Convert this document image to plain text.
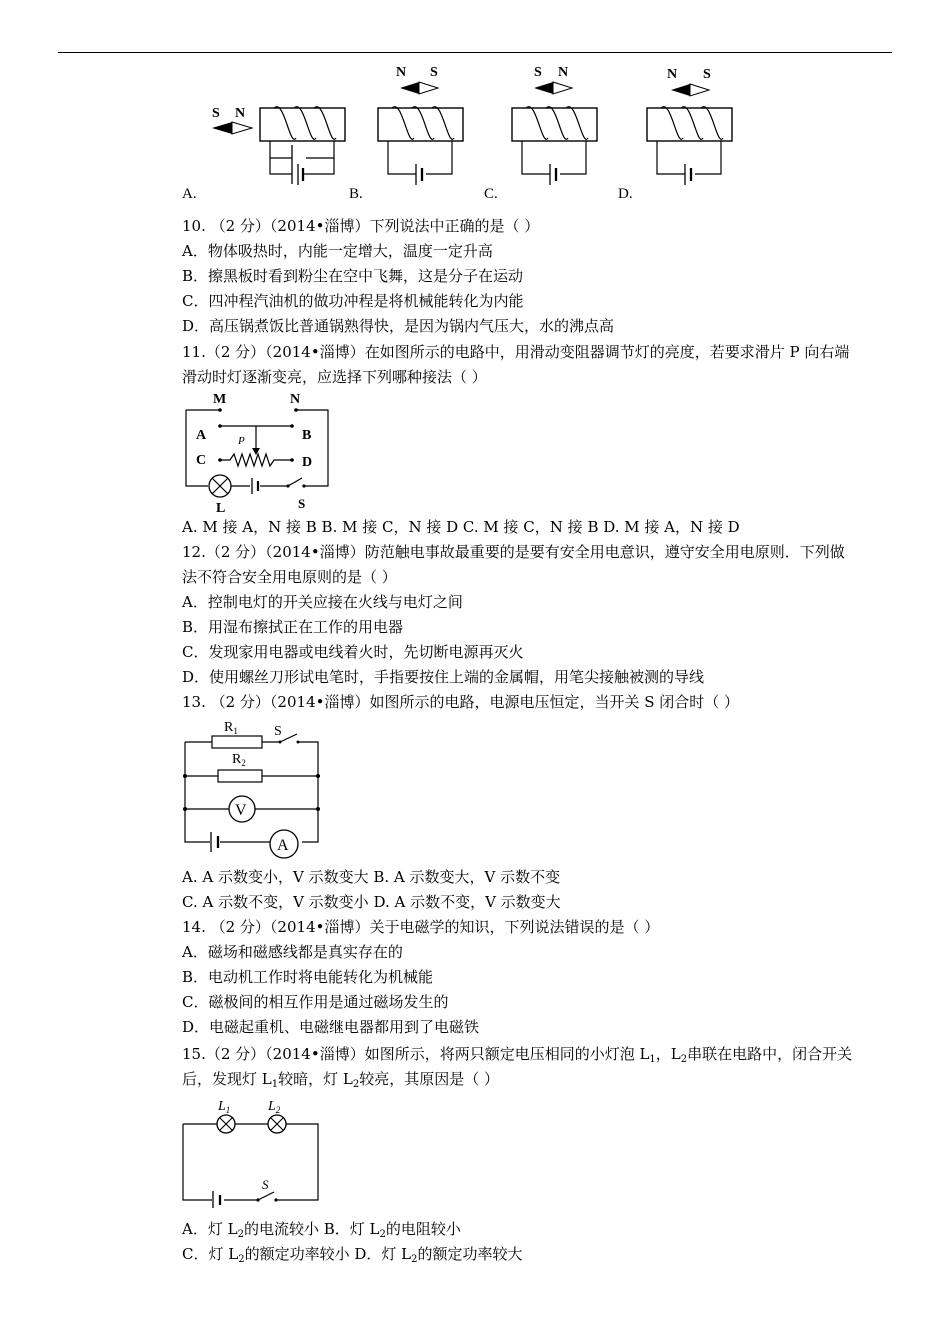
S N
N S	S N	N S
A.	B.	C.	D.
10. （2 分）（2014•淄博）下列说法中正确的是（ ）
A．物体吸热时，内能一定增大，温度一定升高
B．擦黑板时看到粉尘在空中飞舞，这是分子在运动
C．四冲程汽油机的做功冲程是将机械能转化为内能
D．高压锅煮饭比普通锅熟得快，是因为锅内气压大，水的沸点高
11.（2 分）（2014•淄博）在如图所示的电路中，用滑动变阻器调节灯的亮度，若要求滑片 P 向右端
滑动时灯逐渐变亮，应选择下列哪种接法（ ）
M	N
A	B
C	D
P
L	S
A. M 接 A，N 接 B B. M 接 C，N 接 D C. M 接 C，N 接 B D. M 接 A，N 接 D
12.（2 分）（2014•淄博）防范触电事故最重要的是要有安全用电意识，遵守安全用电原则．下列做
法不符合安全用电原则的是（ ）
A．控制电灯的开关应接在火线与电灯之间
B．用湿布擦拭正在工作的用电器
C．发现家用电器或电线着火时，先切断电源再灭火
D．使用螺丝刀形试电笔时，手指要按住上端的金属帽，用笔尖接触被测的导线
13. （2 分）（2014•淄博）如图所示的电路，电源电压恒定，当开关 S 闭合时（ ）
$R_1$
$R_2$
S
V
A
A. A 示数变小，V 示数变大 B. A 示数变大，V 示数不变
C. A 示数不变，V 示数变小 D. A 示数不变，V 示数变大
14. （2 分）（2014•淄博）关于电磁学的知识，下列说法错误的是（ ）
A．磁场和磁感线都是真实存在的
B．电动机工作时将电能转化为机械能
C．磁极间的相互作用是通过磁场发生的
D．电磁起重机、电磁继电器都用到了电磁铁
15.（2 分）（2014•淄博）如图所示，将两只额定电压相同的小灯泡 $L_1$，$L_2$串联在电路中，闭合开关
后，发现灯 $L_1$较暗，灯 $L_2$较亮，其原因是（ ）
$L_1$	$L_2$
S
A．灯 $L_2$的电流较小 B．灯 $L_2$的电阻较小
C．灯 $L_2$的额定功率较小 D．灯 $L_2$的额定功率较大
